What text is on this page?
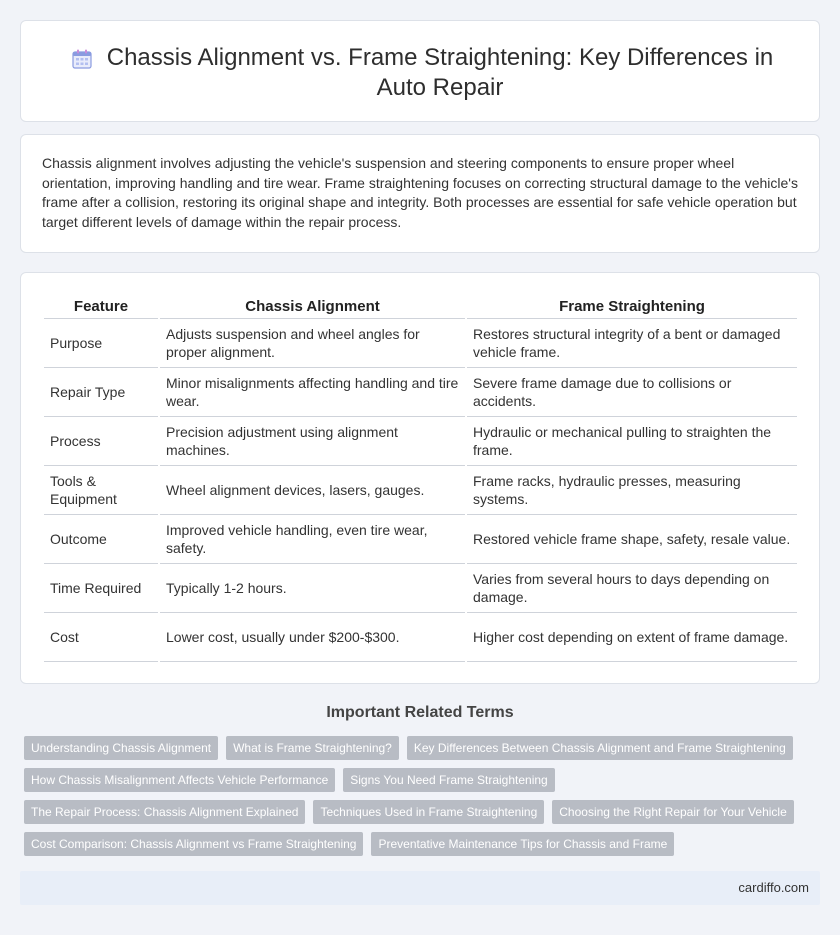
Chassis Alignment vs. Frame Straightening: Key Differences in Auto Repair

Chassis alignment involves adjusting the vehicle's suspension and steering components to ensure proper wheel orientation, improving handling and tire wear. Frame straightening focuses on correcting structural damage to the vehicle's frame after a collision, restoring its original shape and integrity. Both processes are essential for safe vehicle operation but target different levels of damage within the repair process.

Feature	Chassis Alignment	Frame Straightening
Purpose	Adjusts suspension and wheel angles for proper alignment.	Restores structural integrity of a bent or damaged vehicle frame.
Repair Type	Minor misalignments affecting handling and tire wear.	Severe frame damage due to collisions or accidents.
Process	Precision adjustment using alignment machines.	Hydraulic or mechanical pulling to straighten the frame.
Tools & Equipment	Wheel alignment devices, lasers, gauges.	Frame racks, hydraulic presses, measuring systems.
Outcome	Improved vehicle handling, even tire wear, safety.	Restored vehicle frame shape, safety, resale value.
Time Required	Typically 1-2 hours.	Varies from several hours to days depending on damage.
Cost	Lower cost, usually under $200-$300.	Higher cost depending on extent of frame damage.
Important Related Terms
Understanding Chassis Alignment	What is Frame Straightening?	Key Differences Between Chassis Alignment and Frame Straightening
How Chassis Misalignment Affects Vehicle Performance	Signs You Need Frame Straightening
The Repair Process: Chassis Alignment Explained	Techniques Used in Frame Straightening	Choosing the Right Repair for Your Vehicle
Cost Comparison: Chassis Alignment vs Frame Straightening	Preventative Maintenance Tips for Chassis and Frame
cardiffo.com
